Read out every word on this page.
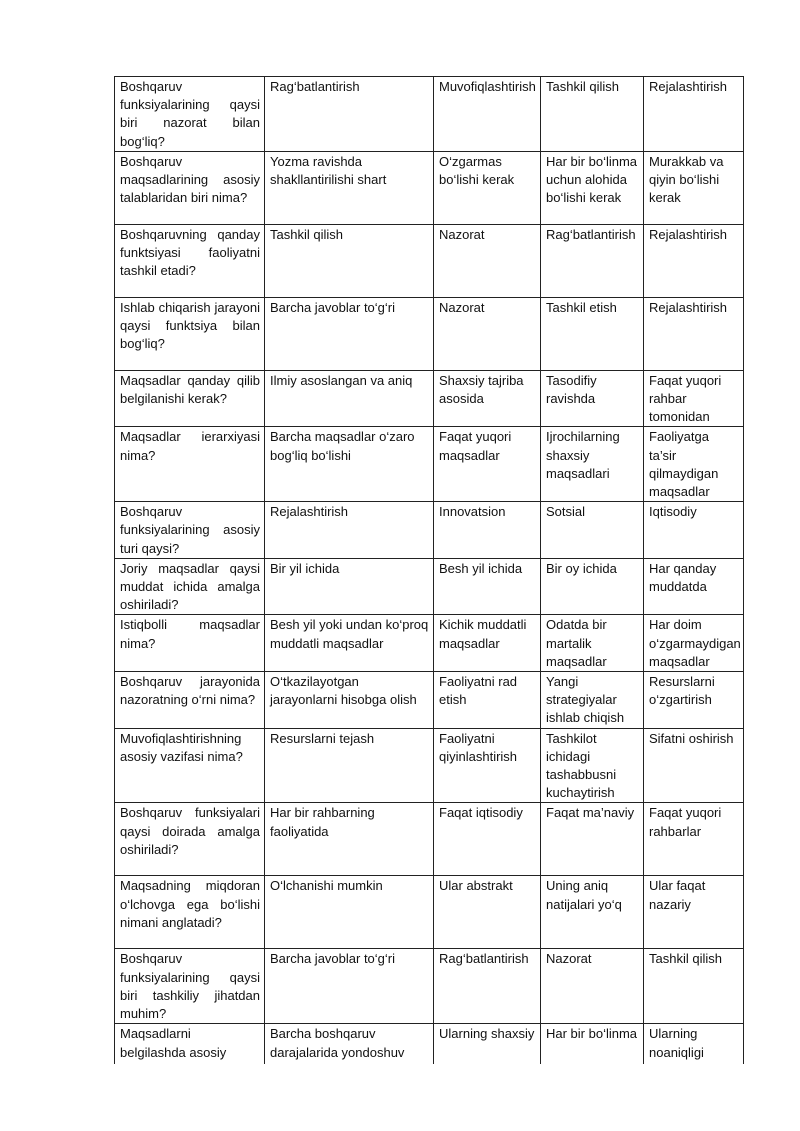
Boshqaruv funksiyalarining qaysi biri nazorat bilan bog‘liq?	Rag‘batlantirish	Muvofiqlashtirish	Tashkil qilish	Rejalashtirish
Boshqaruv maqsadlarining asosiy talablaridan biri nima?	Yozma ravishda shakllantirilishi shart	O‘zgarmas bo‘lishi kerak	Har bir bo‘linma uchun alohida bo‘lishi kerak	Murakkab va qiyin bo‘lishi kerak
Boshqaruvning qanday funktsiyasi faoliyatni tashkil etadi?	Tashkil qilish	Nazorat	Rag‘batlantirish	Rejalashtirish
Ishlab chiqarish jarayoni qaysi funktsiya bilan bog‘liq?	Barcha javoblar to‘g‘ri	Nazorat	Tashkil etish	Rejalashtirish
Maqsadlar qanday qilib belgilanishi kerak?	Ilmiy asoslangan va aniq	Shaxsiy tajriba asosida	Tasodifiy ravishda	Faqat yuqori rahbar tomonidan
Maqsadlar ierarxiyasi nima?	Barcha maqsadlar o‘zaro bog‘liq bo‘lishi	Faqat yuqori maqsadlar	Ijrochilarning shaxsiy maqsadlari	Faoliyatga ta’sir qilmaydigan maqsadlar
Boshqaruv funksiyalarining asosiy turi qaysi?	Rejalashtirish	Innovatsion	Sotsial	Iqtisodiy
Joriy maqsadlar qaysi muddat ichida amalga oshiriladi?	Bir yil ichida	Besh yil ichida	Bir oy ichida	Har qanday muddatda
Istiqbolli maqsadlar nima?	Besh yil yoki undan ko‘proq muddatli maqsadlar	Kichik muddatli maqsadlar	Odatda bir martalik maqsadlar	Har doim o‘zgarmaydigan maqsadlar
Boshqaruv jarayonida nazoratning o‘rni nima?	O‘tkazilayotgan jarayonlarni hisobga olish	Faoliyatni rad etish	Yangi strategiyalar ishlab chiqish	Resurslarni o‘zgartirish
Muvofiqlashtirishning asosiy vazifasi nima?	Resurslarni tejash	Faoliyatni qiyinlashtirish	Tashkilot ichidagi tashabbusni kuchaytirish	Sifatni oshirish
Boshqaruv funksiyalari qaysi doirada amalga oshiriladi?	Har bir rahbarning faoliyatida	Faqat iqtisodiy	Faqat ma’naviy	Faqat yuqori rahbarlar
Maqsadning miqdoran o‘lchovga ega bo‘lishi nimani anglatadi?	O‘lchanishi mumkin	Ular abstrakt	Uning aniq natijalari yo‘q	Ular faqat nazariy
Boshqaruv funksiyalarining qaysi biri tashkiliy jihatdan muhim?	Barcha javoblar to‘g‘ri	Rag‘batlantirish	Nazorat	Tashkil qilish
Maqsadlarni belgilashda asosiy	Barcha boshqaruv darajalarida yondoshuv	Ularning shaxsiy	Har bir bo‘linma	Ularning noaniqligi
